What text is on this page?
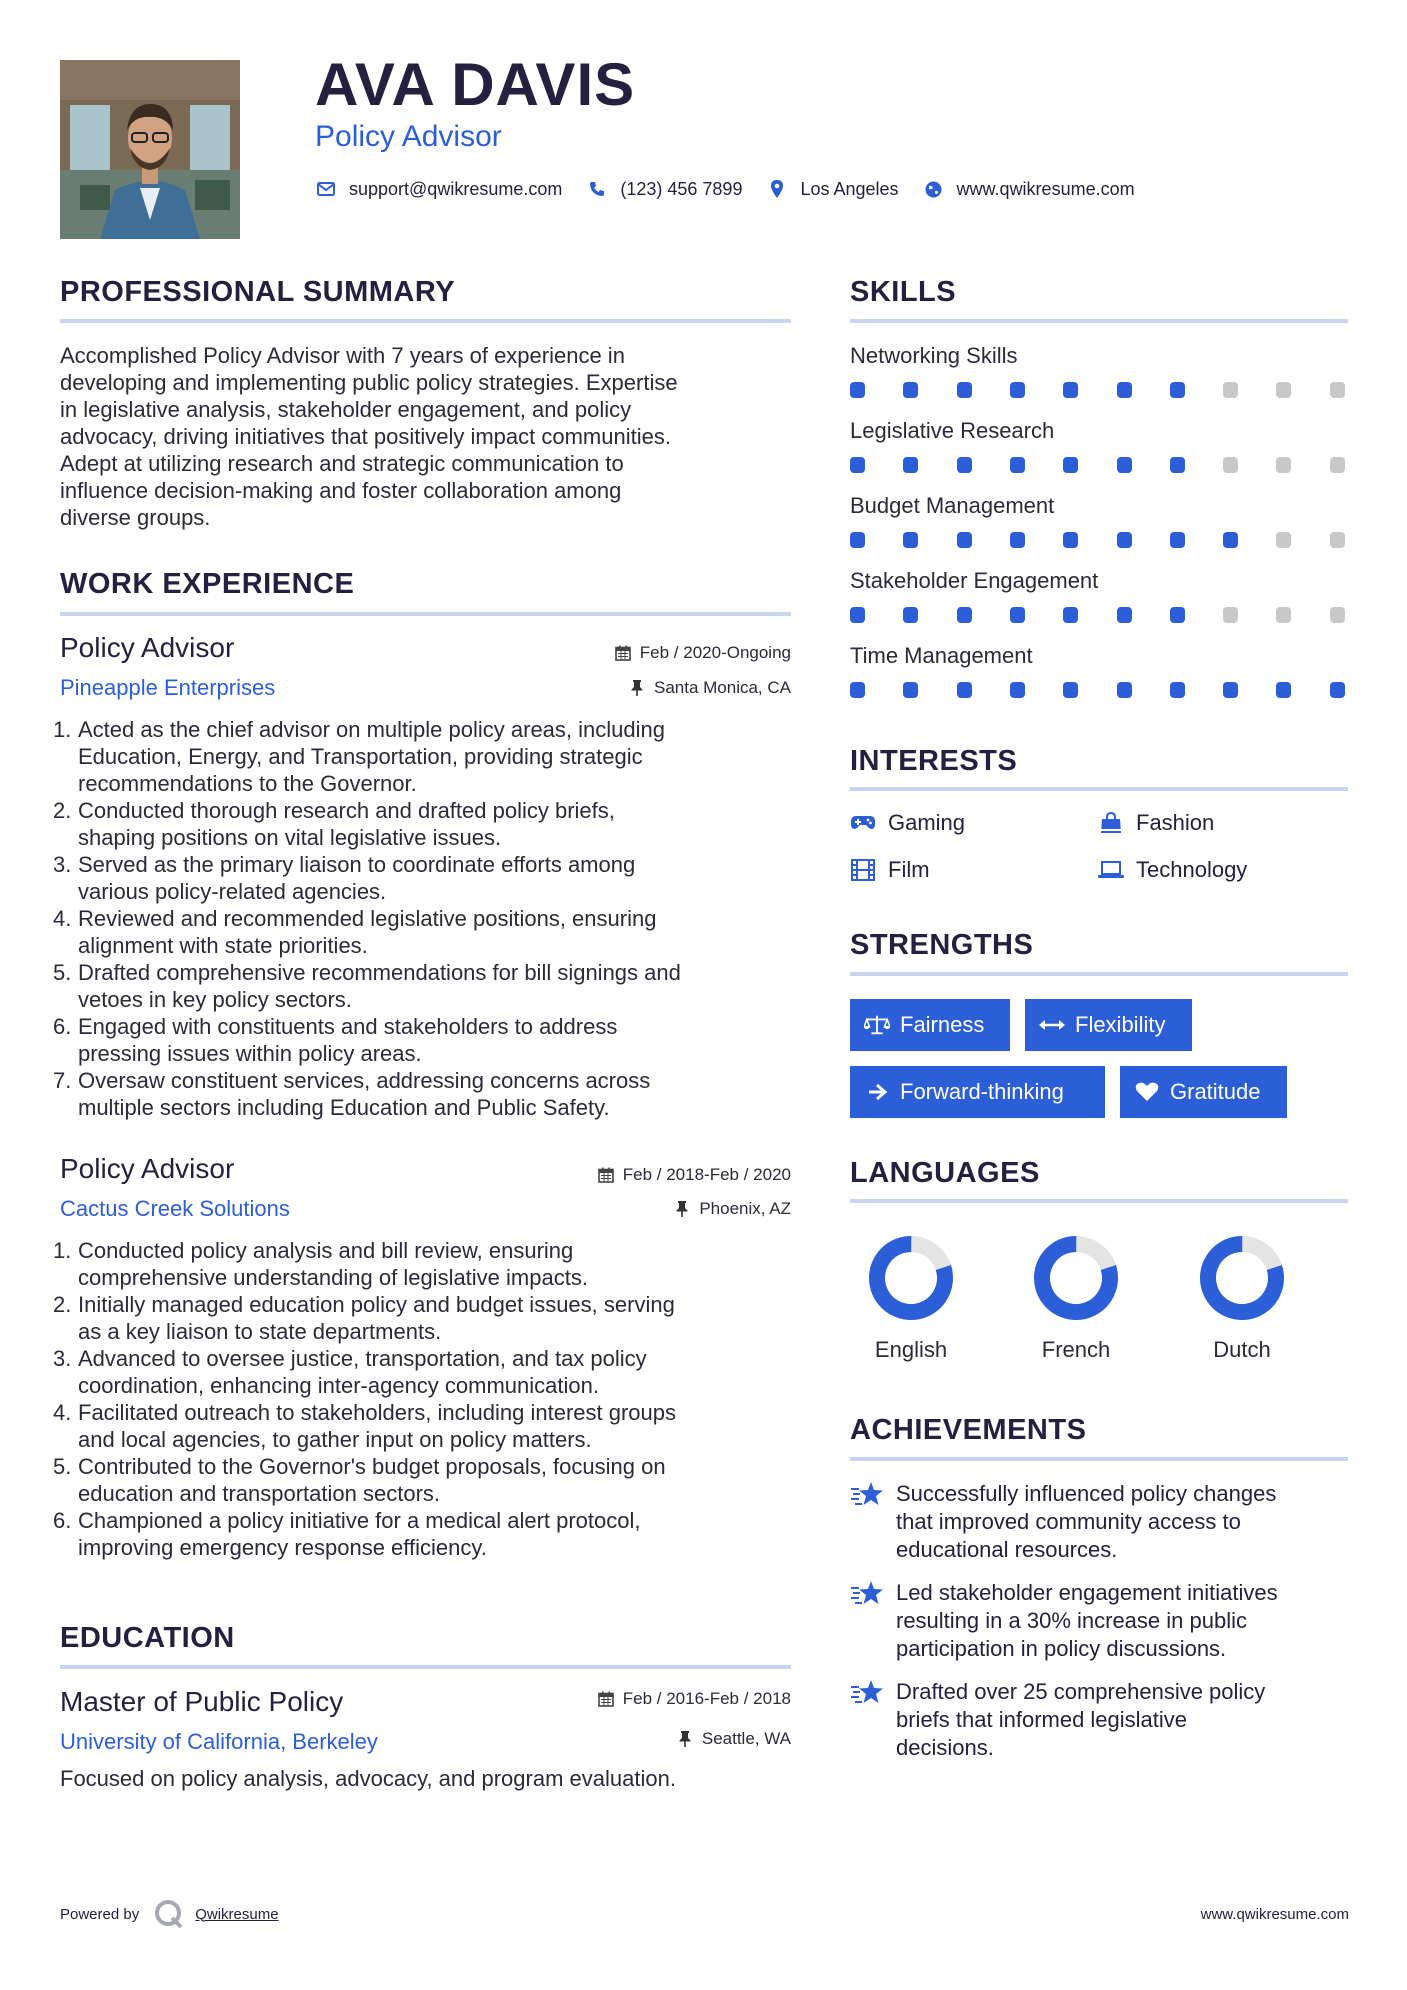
AVA DAVIS
Policy Advisor
support@qwikresume.com	(123) 456 7899	Los Angeles	www.qwikresume.com
PROFESSIONAL SUMMARY
Accomplished Policy Advisor with 7 years of experience in
developing and implementing public policy strategies. Expertise
in legislative analysis, stakeholder engagement, and policy
advocacy, driving initiatives that positively impact communities.
Adept at utilizing research and strategic communication to
influence decision-making and foster collaboration among
diverse groups.
WORK EXPERIENCE
Policy Advisor
Pineapple Enterprises
Feb / 2020-Ongoing
Santa Monica, CA
1. Acted as the chief advisor on multiple policy areas, including
Education, Energy, and Transportation, providing strategic
recommendations to the Governor.
2. Conducted thorough research and drafted policy briefs,
shaping positions on vital legislative issues.
3. Served as the primary liaison to coordinate efforts among
various policy-related agencies.
4. Reviewed and recommended legislative positions, ensuring
alignment with state priorities.
5. Drafted comprehensive recommendations for bill signings and
vetoes in key policy sectors.
6. Engaged with constituents and stakeholders to address
pressing issues within policy areas.
7. Oversaw constituent services, addressing concerns across
multiple sectors including Education and Public Safety.
Policy Advisor
Cactus Creek Solutions
Feb / 2018-Feb / 2020
Phoenix, AZ
1. Conducted policy analysis and bill review, ensuring
comprehensive understanding of legislative impacts.
2. Initially managed education policy and budget issues, serving
as a key liaison to state departments.
3. Advanced to oversee justice, transportation, and tax policy
coordination, enhancing inter-agency communication.
4. Facilitated outreach to stakeholders, including interest groups
and local agencies, to gather input on policy matters.
5. Contributed to the Governor's budget proposals, focusing on
education and transportation sectors.
6. Championed a policy initiative for a medical alert protocol,
improving emergency response efficiency.
EDUCATION
Master of Public Policy
University of California, Berkeley
Feb / 2016-Feb / 2018
Seattle, WA
Focused on policy analysis, advocacy, and program evaluation.
SKILLS
Networking Skills
Legislative Research
Budget Management
Stakeholder Engagement
Time Management
INTERESTS
Gaming	Fashion
Film	Technology
STRENGTHS
Fairness	Flexibility
Forward-thinking	Gratitude
LANGUAGES
English	French	Dutch
ACHIEVEMENTS
Successfully influenced policy changes
that improved community access to
educational resources.
Led stakeholder engagement initiatives
resulting in a 30% increase in public
participation in policy discussions.
Drafted over 25 comprehensive policy
briefs that informed legislative
decisions.
Powered by	Qwikresume	www.qwikresume.com
